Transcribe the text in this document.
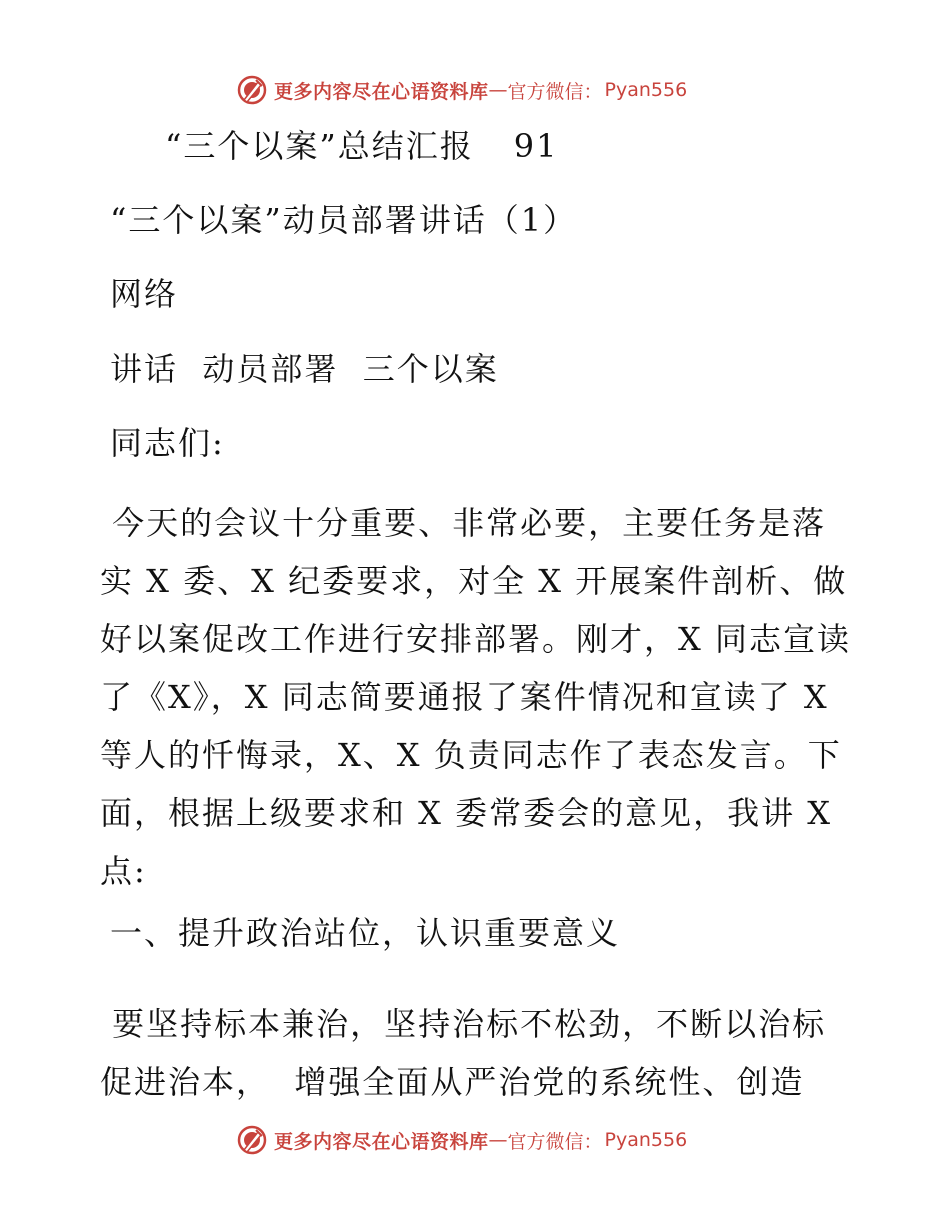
更多内容尽在心语资料库 — 官方微信： Pyan556
“三个以案”总结汇报 91
“三个以案”动员部署讲话（1）
网络
讲话  动员部署  三个以案
同志们:
今天的会议十分重要、非常必要，主要任务是落
实 X 委、X 纪委要求，对全 X 开展案件剖析、做
好以案促改工作进行安排部署。刚才，X 同志宣读
了《X》，X 同志简要通报了案件情况和宣读了 X
等人的忏悔录，X、X 负责同志作了表态发言。下
面，根据上级要求和 X 委常委会的意见，我讲 X
点:
一、提升政治站位，认识重要意义
要坚持标本兼治，坚持治标不松劲，不断以治标
促进治本，  增强全面从严治党的系统性、创造
更多内容尽在心语资料库 — 官方微信： Pyan556
